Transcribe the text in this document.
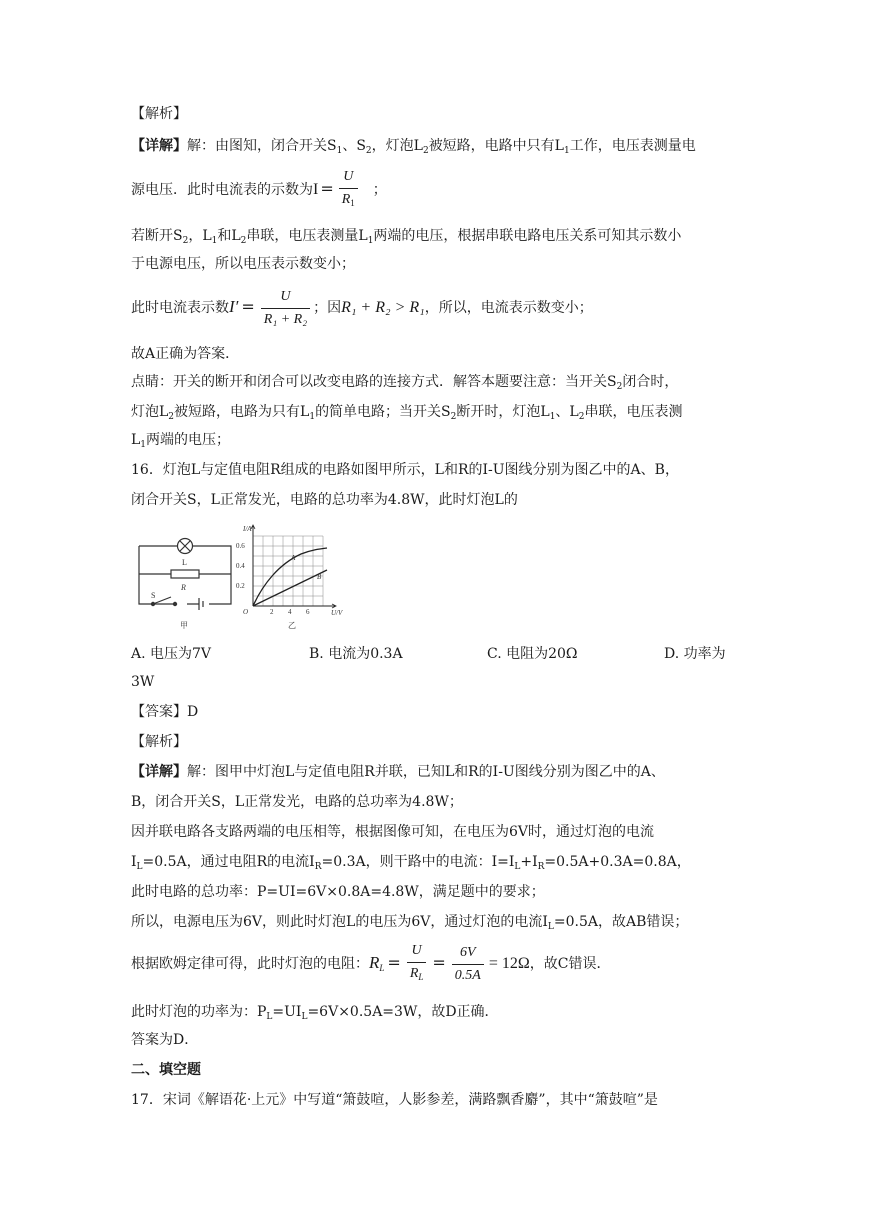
【解析】
【详解】解：由图知，闭合开关$S_1$、$S_2$，灯泡$L_2$被短路，电路中只有$L_1$工作，电压表测量电
源电压．此时电流表的示数为$I = \frac{U}{R_1}$ ；
若断开$S_2$，$L_1$和$L_2$串联，电压表测量$L_1$两端的电压，根据串联电路电压关系可知其示数小
于电源电压，所以电压表示数变小；
此时电流表示数$I' = \frac{U}{\text{R₁ + R₂}}$ ；因R₁ + R₂ > R₁，所以，电流表示数变小；
故A正确为答案．
点睛：开关的断开和闭合可以改变电路的连接方式．解答本题要注意：当开关$S_2$闭合时，
灯泡$L_2$被短路，电路为只有$L_1$的简单电路；当开关$S_2$断开时，灯泡$L_1$、$L_2$串联，电压表测
$L_1$两端的电压；
16．灯泡L与定值电阻R组成的电路如图甲所示，L和R的I-U图线分别为图乙中的A、B，
闭合开关S，L正常发光，电路的总功率为4.8W，此时灯泡L的
L
R
S
甲
I/A
U/V
O
0.6
0.4
0.2
2 4 6
A
B
乙
A. 电压为7V	B. 电流为0.3A	C. 电阻为20Ω	D. 功率为
3W
【答案】D
【解析】
【详解】解：图甲中灯泡L与定值电阻R并联，已知L和R的I-U图线分别为图乙中的A、
B，闭合开关S，L正常发光，电路的总功率为4.8W；
因并联电路各支路两端的电压相等，根据图像可知，在电压为6V时，通过灯泡的电流
$I_L=0.5A$，通过电阻R的电流$I_R=0.3A$，则干路中的电流：$I=I_L+I_R=0.5A+0.3A=0.8A$，
此时电路的总功率：P=UI=6V×0.8A=4.8W，满足题中的要求；
所以，电源电压为6V，则此时灯泡L的电压为6V，通过灯泡的电流$I_L=0.5A$，故AB错误；
根据欧姆定律可得，此时灯泡的电阻：$R_L = \frac{U}{R_L} = \frac{6V}{0.5A} = 12\Omega$，故C错误．
此时灯泡的功率为：$P_L=UI_L=6V\times 0.5A=3W$，故D正确．
答案为D．
二、填空题
17．宋词《解语花·上元》中写道“箫鼓喧，人影参差，满路飘香麝”，其中“箫鼓喧”是
